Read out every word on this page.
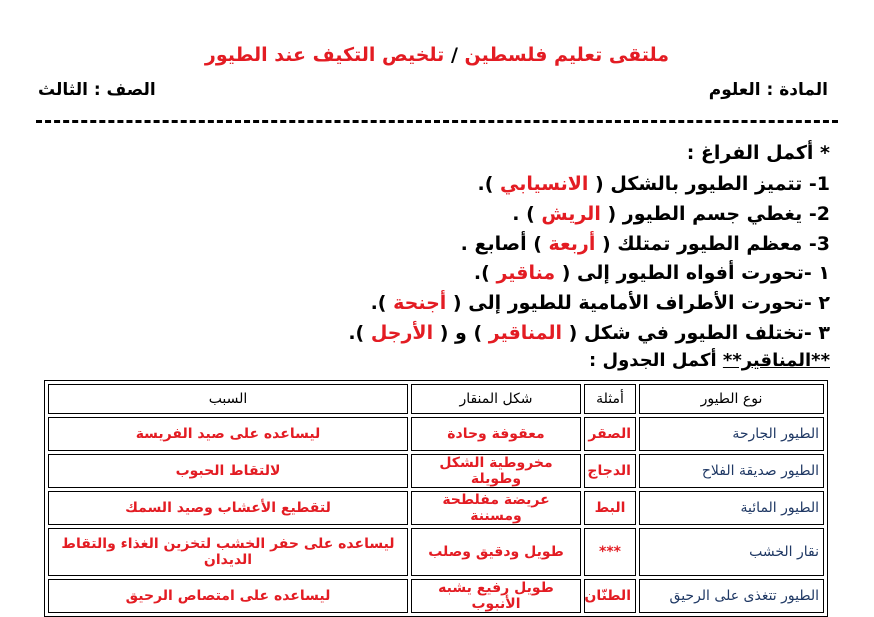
ملتقى تعليم فلسطين / تلخيص التكيف عند الطيور
المادة : العلوم
الصف : الثالث
* أكمل الفراغ :
1- تتميز الطيور بالشكل ( الانسيابي ).
2- يغطي جسم الطيور ( الريش ) .
3- معظم الطيور تمتلك ( أربعة ) أصابع .
١ -تحورت أفواه الطيور إلى ( مناقير ).
٢ -تحورت الأطراف الأمامية للطيور إلى ( أجنحة ).
٣ -تختلف الطيور في شكل ( المناقير ) و ( الأرجل ).
**المناقير** أكمل الجدول :
نوع الطيور	أمثلة	شكل المنقار	السبب
الطيور الجارحة	الصقر	معقوفة وحادة	ليساعده على صيد الفريسة
الطيور صديقة الفلاح	الدجاج	مخروطية الشكل وطويلة	لالتقاط الحبوب
الطيور المائية	البط	عريضة مفلطحة ومسننة	لتقطيع الأعشاب وصيد السمك
نقار الخشب	***	طويل ودقيق وصلب	ليساعده على حفر الخشب لتخزين الغذاء والتقاط الديدان
الطيور تتغذى على الرحيق	الطنّان	طويل رفيع يشبه الأنبوب	ليساعده على امتصاص الرحيق
